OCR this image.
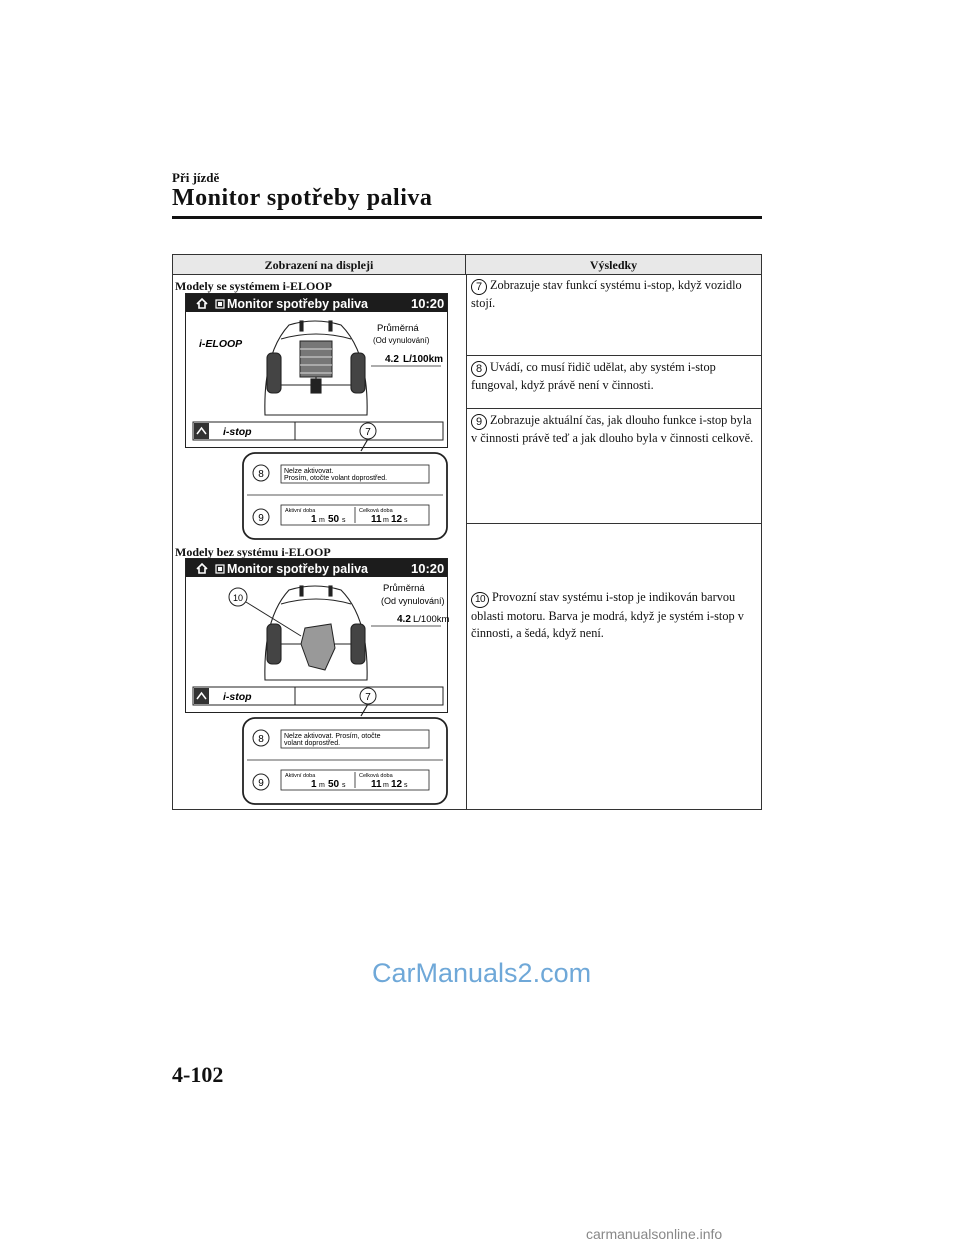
Při jízdě
Monitor spotřeby paliva
Zobrazení na displeji	Výsledky
Modely se systémem i-ELOOP
Modely bez systému i-ELOOP
7 Zobrazuje stav funkcí systému i-stop, když vozidlo stojí.
8 Uvádí, co musí řidič udělat, aby systém i-stop fungoval, když právě není v činnosti.
9 Zobrazuje aktuální čas, jak dlouho funkce i-stop byla v činnosti právě teď a jak dlouho byla v činnosti celkově.
10 Provozní stav systému i-stop je indikován barvou oblasti motoru. Barva je modrá, když je systém i-stop v činnosti, a šedá, když není.
Monitor spotřeby paliva	10:20
i-ELOOP
Průměrná
(Od vynulování)
4.2 L/100km
i-stop	7
8	Nelze aktivovat.
Prosím, otočte volant doprostřed.
9
Aktivní doba	Celková doba
1 m 50 s	11 m 12 s
Monitor spotřeby paliva	10:20
10
Průměrná
(Od vynulování)
4.2 L/100km
i-stop	7
8	Nelze aktivovat. Prosím, otočte
volant doprostřed.
9
Aktivní doba	Celková doba
1 m 50 s	11 m 12 s
CarManuals2.com
4-102
carmanualsonline.info
